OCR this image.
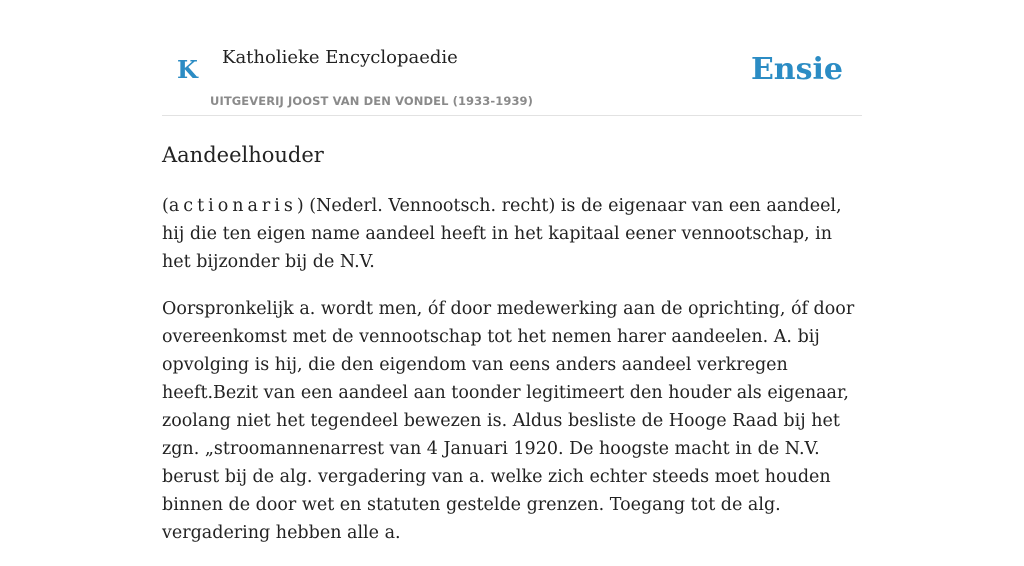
K Katholieke Encyclopaedie
UITGEVERIJ JOOST VAN DEN VONDEL (1933-1939)
Ensie
Aandeelhouder

(actionaris) (Nederl. Vennootsch. recht) is de eigenaar van een aandeel, hij die ten eigen name aandeel heeft in het kapitaal eener vennootschap, in het bijzonder bij de N.V.

Oorspronkelijk a. wordt men, óf door medewerking aan de oprichting, óf door overeenkomst met de vennootschap tot het nemen harer aandeelen. A. bij opvolging is hij, die den eigendom van eens anders aandeel verkregen heeft.Bezit van een aandeel aan toonder legitimeert den houder als eigenaar, zoolang niet het tegendeel bewezen is. Aldus besliste de Hooge Raad bij het zgn. „stroomannenarrest van 4 Januari 1920. De hoogste macht in de N.V. berust bij de alg. vergadering van a. welke zich echter steeds moet houden binnen de door wet en statuten gestelde grenzen. Toegang tot de alg. vergadering hebben alle a.
